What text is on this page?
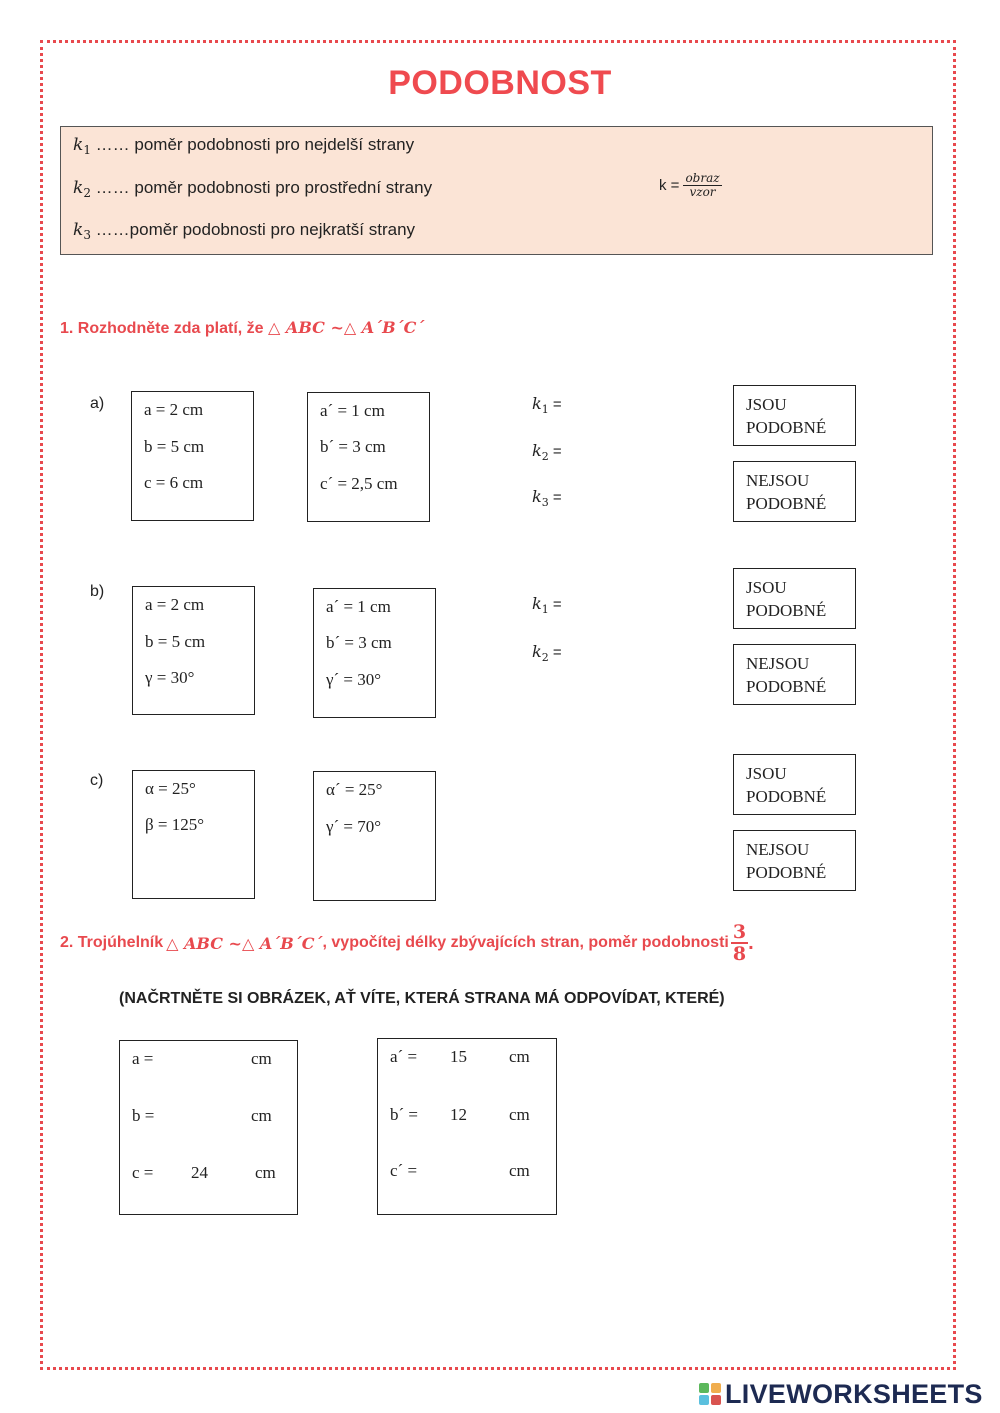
PODOBNOST
$k_1$ …… poměr podobnosti pro nejdelší strany
$k_2$ …… poměr podobnosti pro prostřední strany
$k_3$ ……poměr podobnosti pro nejkratší strany
$k = \frac{\text{obraz}}{\text{vzor}}$
1. Rozhodněte zda platí, že △ ABC ~△ A´B´C´
a) a = 2 cm
b = 5 cm
c = 6 cm
a´ = 1 cm
b´ = 3 cm
c´ = 2,5 cm
$k_1$ =
$k_2$ =
$k_3$ =
JSOU
PODOBNÉ
NEJSOU
PODOBNÉ
b)
a = 2 cm
b = 5 cm
γ = 30°
a´ = 1 cm
b´ = 3 cm
γ´ = 30°
$k_1$ =
$k_2$ =
JSOU
PODOBNÉ
NEJSOU
PODOBNÉ
c) α = 25°
β = 125°
α´ = 25°
γ´ = 70°
JSOU
PODOBNÉ
NEJSOU
PODOBNÉ
2. Trojúhelník △ ABC ~△ A´B´C´ , vypočítej délky zbývajících stran, poměr podobnosti 3
8
.
(NAČRTNĚTE SI OBRÁZEK, AŤ VÍTE, KTERÁ STRANA MÁ ODPOVÍDAT, KTERÉ)
a =	cm
b =	cm
c = 24	cm
a´ = 15 cm
b´ = 12 cm
c´ =	cm
LIVEWORKSHEETS
